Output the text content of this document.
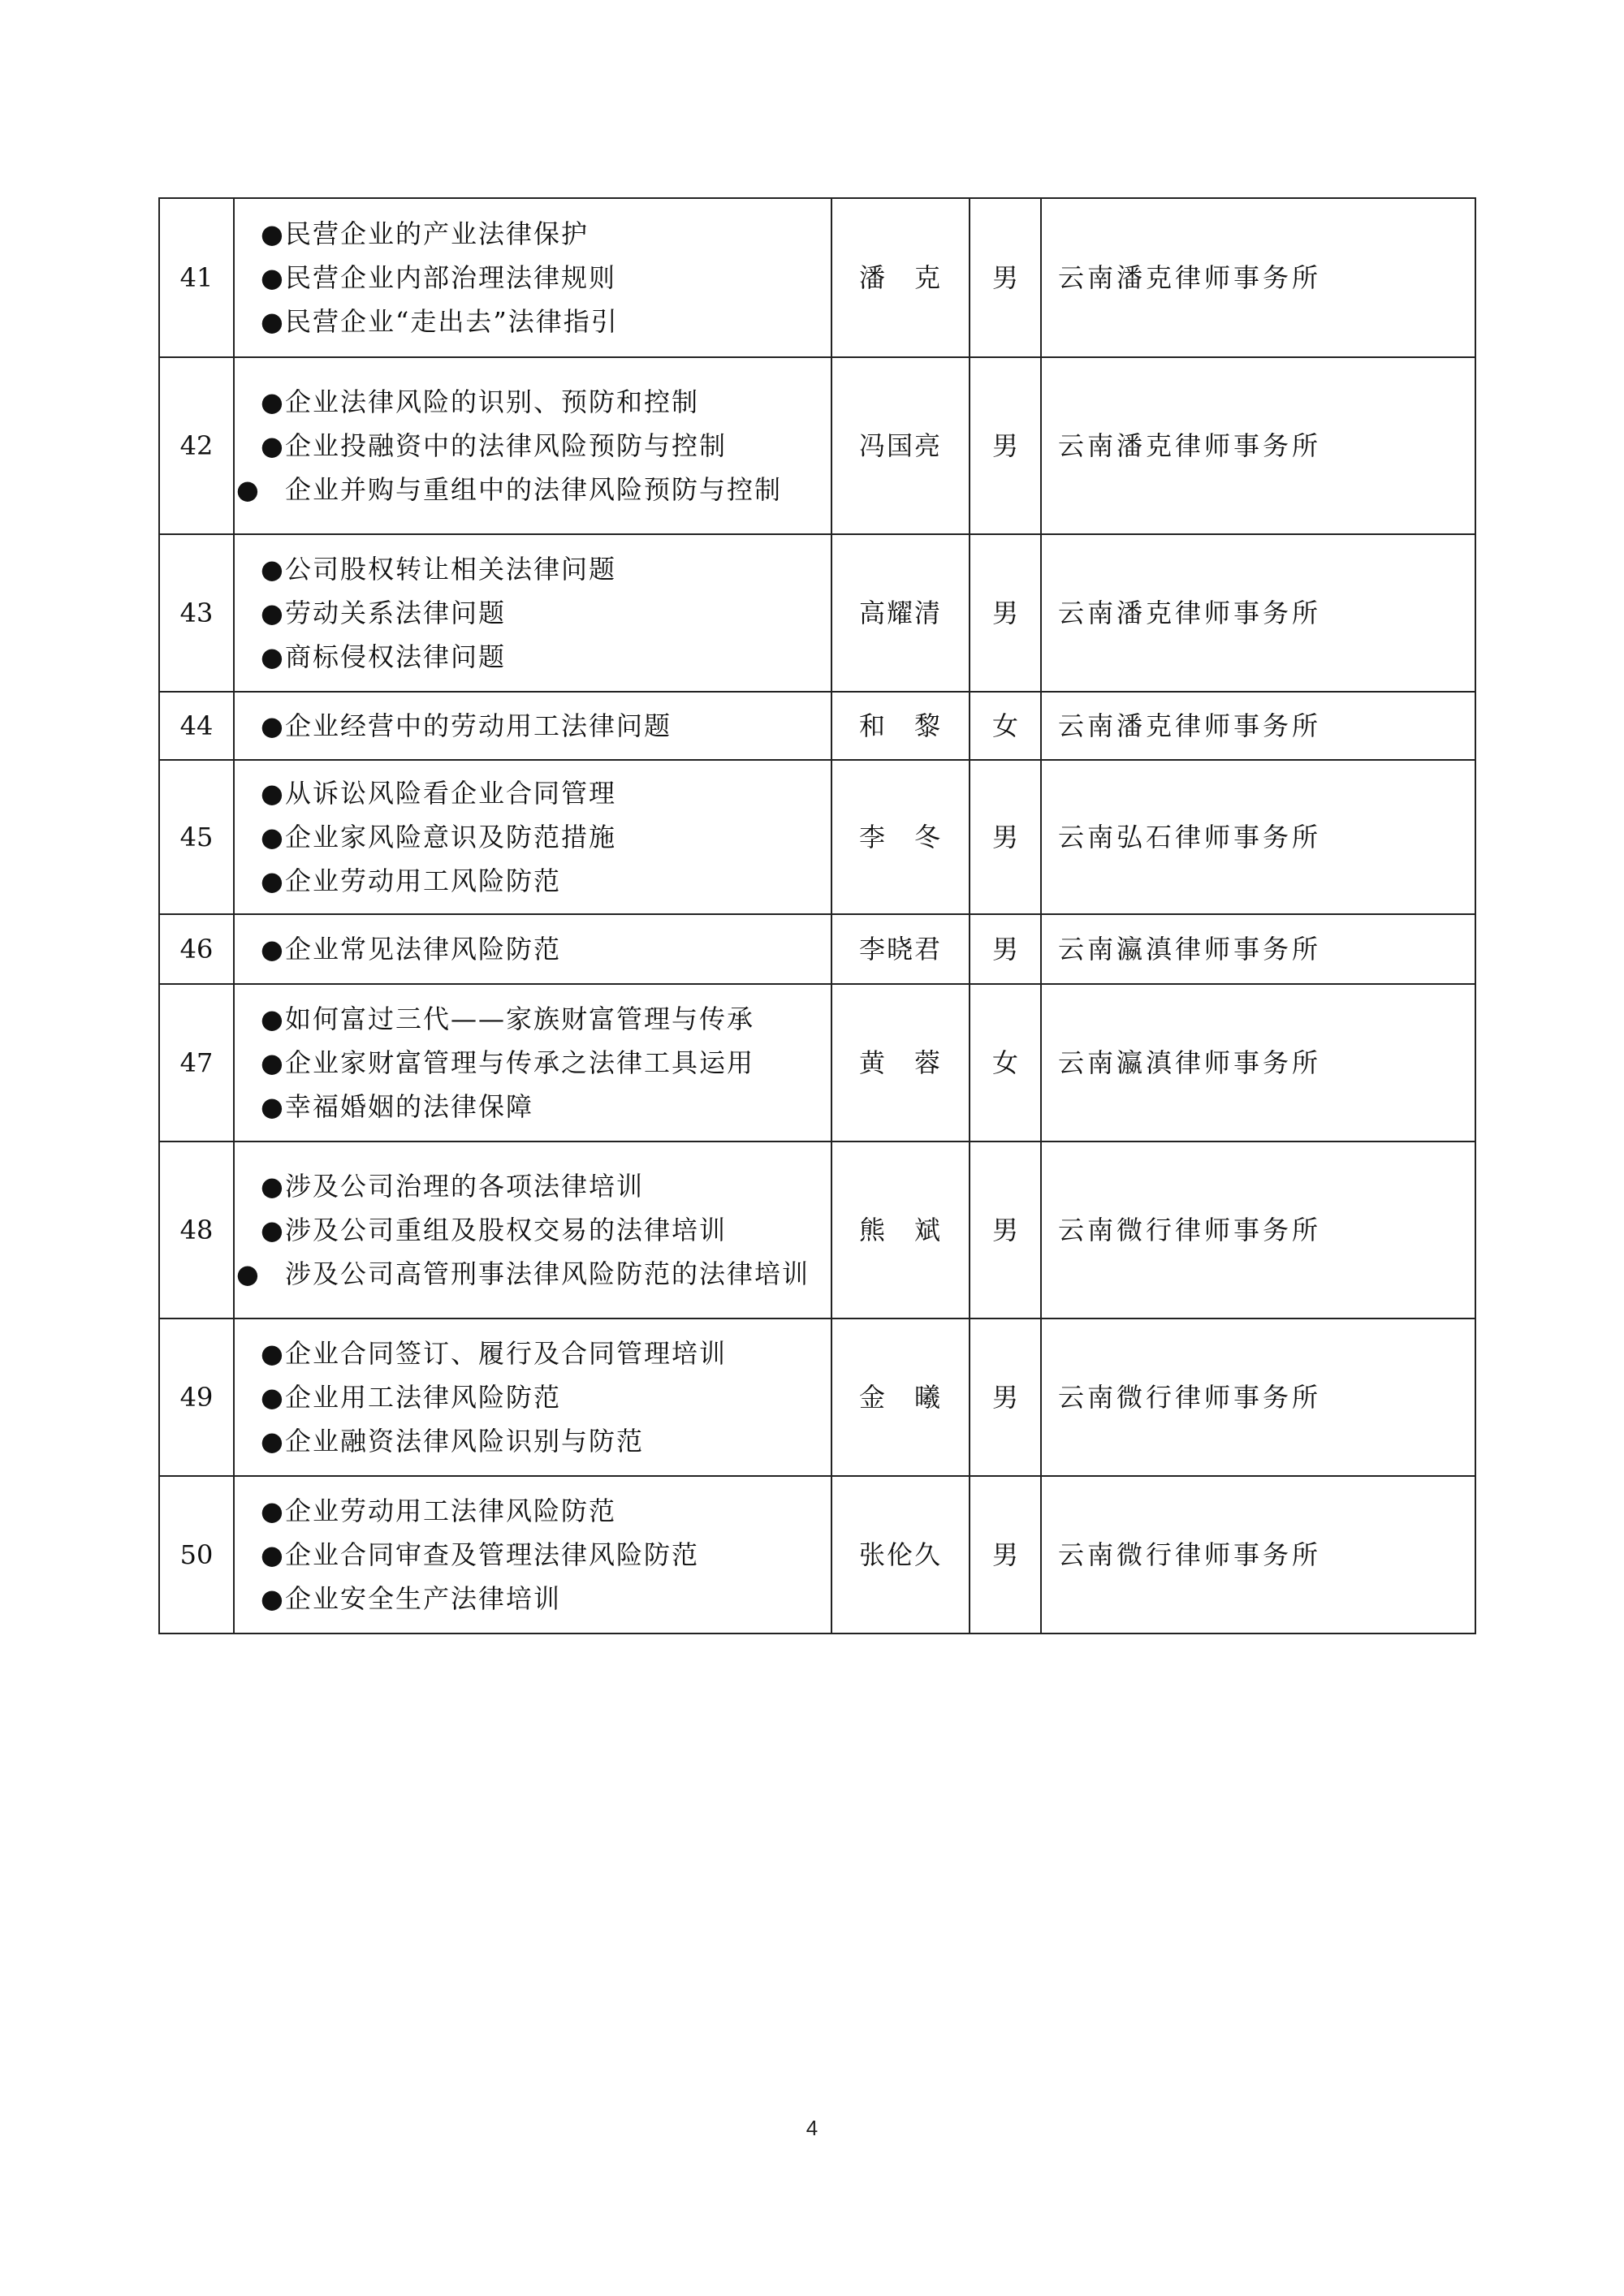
41	●民营企业的产业法律保护
●民营企业内部治理法律规则
●民营企业“走出去”法律指引	潘　克	男	云南潘克律师事务所
42	●企业法律风险的识别、预防和控制
●企业投融资中的法律风险预防与控制
● 企业并购与重组中的法律风险预防与控制	冯国亮	男	云南潘克律师事务所
43	●公司股权转让相关法律问题
●劳动关系法律问题
●商标侵权法律问题	高耀清	男	云南潘克律师事务所
44	●企业经营中的劳动用工法律问题	和　黎	女	云南潘克律师事务所
45	●从诉讼风险看企业合同管理
●企业家风险意识及防范措施
●企业劳动用工风险防范	李　冬	男	云南弘石律师事务所
46	●企业常见法律风险防范	李晓君	男	云南瀛滇律师事务所
47	●如何富过三代——家族财富管理与传承
●企业家财富管理与传承之法律工具运用
●幸福婚姻的法律保障	黄　蓉	女	云南瀛滇律师事务所
48	●涉及公司治理的各项法律培训
●涉及公司重组及股权交易的法律培训
● 涉及公司高管刑事法律风险防范的法律培训	熊　斌	男	云南微行律师事务所
49	●企业合同签订、履行及合同管理培训
●企业用工法律风险防范
●企业融资法律风险识别与防范	金　曦	男	云南微行律师事务所
50	●企业劳动用工法律风险防范
●企业合同审查及管理法律风险防范
●企业安全生产法律培训	张伦久	男	云南微行律师事务所
4
